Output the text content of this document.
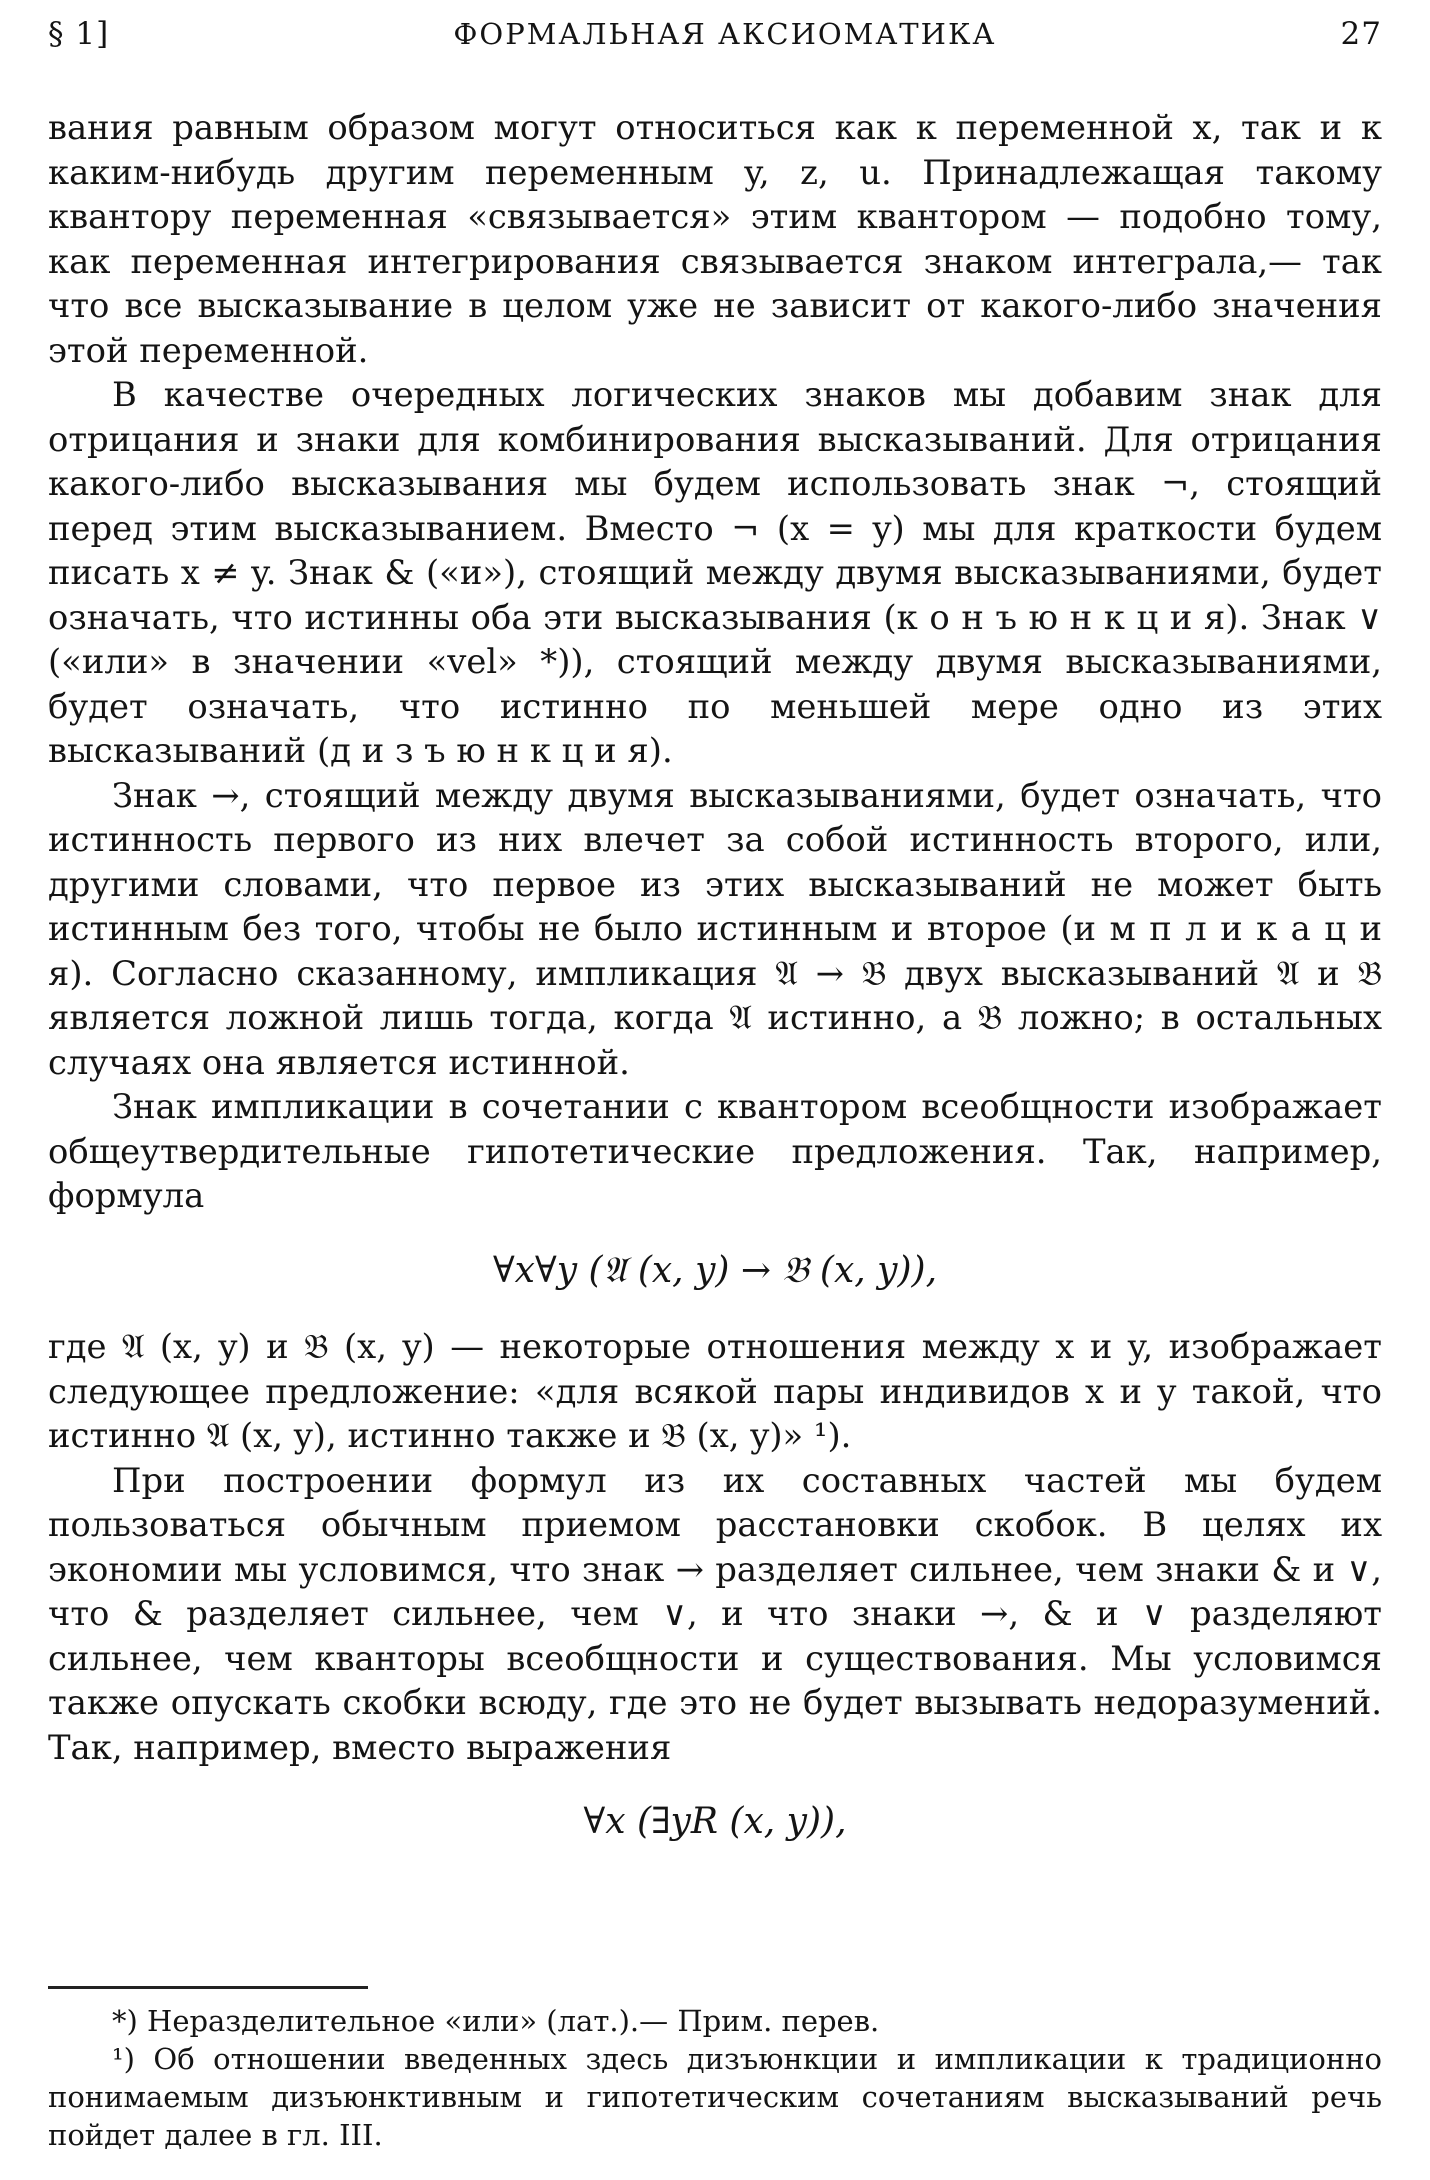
§ 1]	ФОРМАЛЬНАЯ АКСИОМАТИКА	27

вания равным образом могут относиться как к переменной x, так и к каким-нибудь другим переменным y, z, u. Принадлежащая такому квантору переменная «связывается» этим квантором — подобно тому, как переменная интегрирования связывается знаком интеграла,— так что все высказывание в целом уже не зависит от какого-либо значения этой переменной.

В качестве очередных логических знаков мы добавим знак для отрицания и знаки для комбинирования высказываний. Для отрицания какого-либо высказывания мы будем использовать знак ¬, стоящий перед этим высказыванием. Вместо ¬ (x = y) мы для краткости будем писать x ≠ y. Знак & («и»), стоящий между двумя высказываниями, будет означать, что истинны оба эти высказывания (к о н ъ ю н к ц и я). Знак ∨ («или» в значении «vel» *)), стоящий между двумя высказываниями, будет означать, что истинно по меньшей мере одно из этих высказываний (д и з ъ ю н к ц и я).

Знак →, стоящий между двумя высказываниями, будет означать, что истинность первого из них влечет за собой истинность второго, или, другими словами, что первое из этих высказываний не может быть истинным без того, чтобы не было истинным и второе (и м п л и к а ц и я). Согласно сказанному, импликация 𝔄 → 𝔅 двух высказываний 𝔄 и 𝔅 является ложной лишь тогда, когда 𝔄 истинно, а 𝔅 ложно; в остальных случаях она является истинной.

Знак импликации в сочетании с квантором всеобщности изображает общеутвердительные гипотетические предложения. Так, например, формула

∀x∀y (𝔄 (x, y) → 𝔅 (x, y)),

где 𝔄 (x, y) и 𝔅 (x, y) — некоторые отношения между x и y, изображает следующее предложение: «для всякой пары индивидов x и y такой, что истинно 𝔄 (x, y), истинно также и 𝔅 (x, y)» ¹).

При построении формул из их составных частей мы будем пользоваться обычным приемом расстановки скобок. В целях их экономии мы условимся, что знак → разделяет сильнее, чем знаки & и ∨, что & разделяет сильнее, чем ∨, и что знаки →, & и ∨ разделяют сильнее, чем кванторы всеобщности и существования. Мы условимся также опускать скобки всюду, где это не будет вызывать недоразумений. Так, например, вместо выражения

∀x (∃yR (x, y)),

*) Неразделительное «или» (лат.).— Прим. перев.

¹) Об отношении введенных здесь дизъюнкции и импликации к традиционно понимаемым дизъюнктивным и гипотетическим сочетаниям высказываний речь пойдет далее в гл. III.
